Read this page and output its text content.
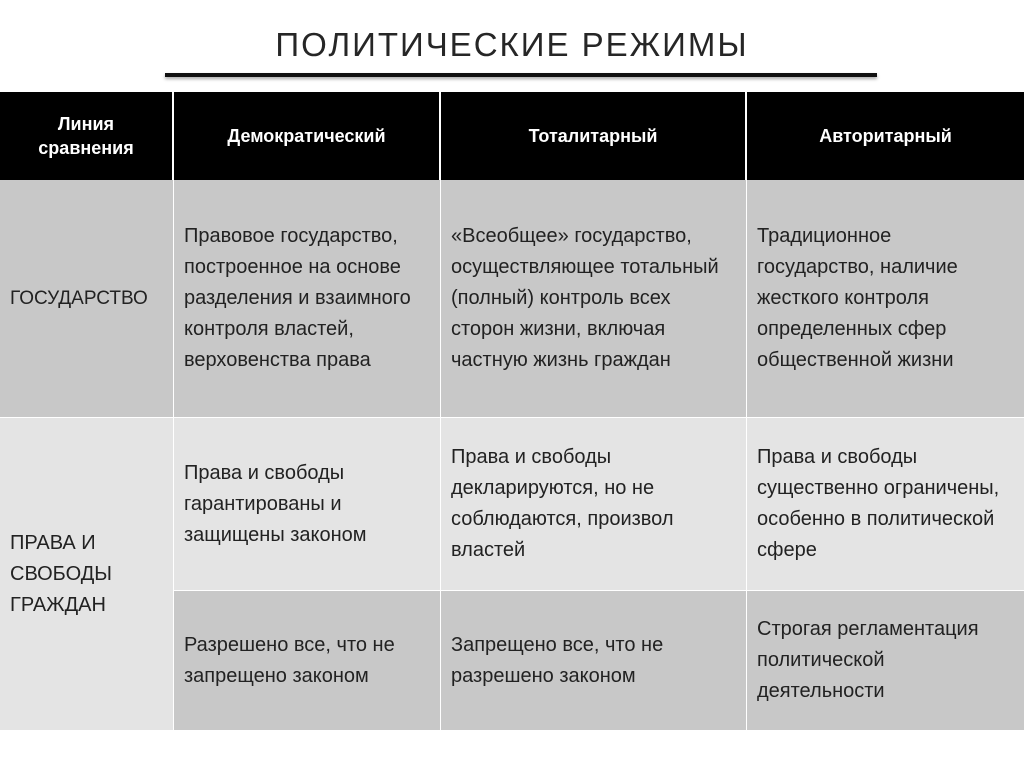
ПОЛИТИЧЕСКИЕ РЕЖИМЫ
Линия сравнения
Демократический	Тоталитарный	Авторитарный
ГОСУДАРСТВО
Правовое государство, построенное на основе разделения и взаимного контроля властей, верховенства права
«Всеобщее» государство, осуществляющее тотальный (полный) контроль всех сторон жизни, включая частную жизнь граждан
Традиционное государство, наличие жесткого контроля определенных сфер общественной жизни
ПРАВА И СВОБОДЫ ГРАЖДАН
Права и свободы гарантированы и защищены законом
Права и свободы декларируются, но не соблюдаются, произвол властей
Права и свободы существенно ограничены, особенно в политической сфере
Разрешено все, что не запрещено законом
Запрещено все, что не разрешено законом
Строгая регламентация политической деятельности
